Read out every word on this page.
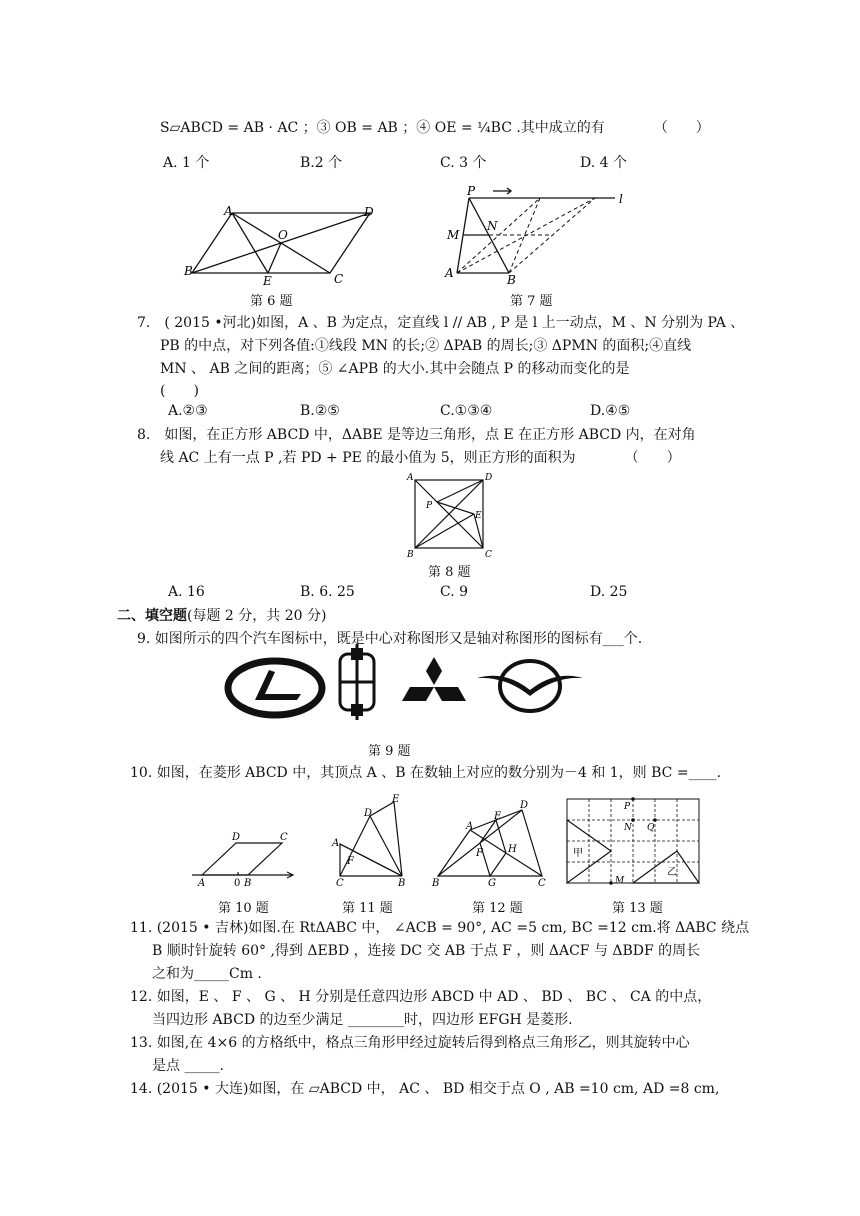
S▱ABCD = AB · AC ；③ OB = AB ；④ OE = ¼BC .其中成立的有　　　　（　　）
A. 1 个	B.2 个	C. 3 个	D. 4 个
A	D
O
B
E	C
第 6 题
P
l
N
M
A	B
第 7 题
7.　( 2015 •河北)如图，A 、B 为定点，定直线 l // AB , P 是 l 上一动点，M 、N 分别为 PA 、
PB 的中点，对下列各值:①线段 MN 的长;② ΔPAB 的周长;③ ΔPMN 的面积;④直线
MN 、 AB 之间的距离；⑤ ∠APB 的大小.其中会随点 P 的移动而变化的是
(　　)
A.②③	B.②⑤	C.①③④	D.④⑤
8.　如图，在正方形 ABCD 中，ΔABE 是等边三角形，点 E 在正方形 ABCD 内，在对角
线 AC 上有一点 P ,若 PD + PE 的最小值为 5，则正方形的面积为　　　　（　　）
A	D
P
E
B	C
第 8 题
A. 16	B. 6. 25	C. 9	D. 25
二、填空题(每题 2 分，共 20 分)
9. 如图所示的四个汽车图标中，既是中心对称图形又是轴对称图形的图标有___个.
第 9 题
10. 如图，在菱形 ABCD 中，其顶点 A 、B 在数轴上对应的数分别为－4 和 1，则 BC =____.
D	C
A	0 B
E
D
A
F
C	B
A
D
E
F	H
B	G	C
P
N Q
甲
M
乙
第 10 题	第 11 题	第 12 题	第 13 题
11. (2015 • 吉林)如图.在 RtΔABC 中， ∠ACB = 90°, AC =5 cm, BC =12 cm.将 ΔABC 绕点
B 顺时针旋转 60° ,得到 ΔEBD ，连接 DC 交 AB 于点 F ，则 ΔACF 与 ΔBDF 的周长
之和为_____Cm .
12. 如图，E 、 F 、 G 、 H 分别是任意四边形 ABCD 中 AD 、 BD 、 BC 、 CA 的中点，
当四边形 ABCD 的边至少满足 ________时，四边形 EFGH 是菱形.
13. 如图,在 4×6 的方格纸中，格点三角形甲经过旋转后得到格点三角形乙，则其旋转中心
是点 _____.
14. (2015 • 大连)如图，在 ▱ABCD 中， AC 、 BD 相交于点 O , AB =10 cm, AD =8 cm,
